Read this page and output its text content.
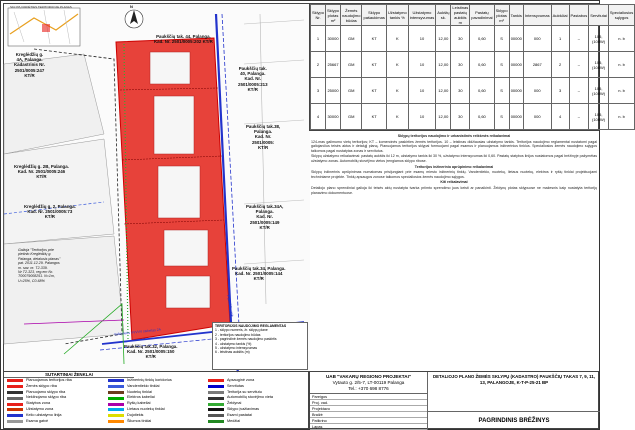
SKLYPŲ PADĖTIES TERITORIJOJE PLANAS
Kreglėdžių g.
4A, Palanga.
Kadastrinis Nr.
2501/0005:247
KT/R
Paukščių tak. 44, Palanga.
Kad. Nr. 2501/0005:202 KT/R
Paukščių tak.
40, Palanga.
Kad. Nr.
2501/0005:213
KT/R
Paukščių tak.38,
Palanga.
Kad. Nr.
2501/0005:
KT/R
Kreglėdžių g. 2B, Palanga.
Kad. Nr. 2501/0005:246
KT/R
Kreglėdžių g. 2, Palanga.
Kad. Nr. 2501/0005:73
KT/R
Paukščių tak.34A,
Palanga.
Kad. Nr.
2501/0005:149
KT/R
Paukščių tak.34, Palanga.
Kad. Nr. 2501/0005:144
KT/R
Paukščių tak.32, Palanga.
Kad. Nr. 2501/0005:150
KT/R
Galioja "Teritorijos prie
pietinio Kreglėdžių g.
Palanga, detalusis planas"
pat. 2011.12.29. Palangos
m. sav. nr. T2-339.
Nr T2-323, reg.em Nr.
T00079008251. N=1m,
U=25%, C0-68%
Vaikiynetis VVVVV stebėtas 2A
Paukščių tak.
N
TERITORIJOS NAUDOJIMO REGLAMENTAS
1 - sklypo numeris, žr. sklypų plane
2 - teritorijos naudojimo būdas
3 - pagrindinė žemės naudojimo paskirtis
4 - užstatymo tankis (%)
5 - užstatymo intensyvumas
6 - leistinas aukštis (m)
SUTARTINIAI ŽENKLAI
Planuojamos teritorijos riba
Žemės sklypo riba
Planuojamo sklypo riba
Nekilnojamo sklypo riba
Statybos zona
Užstatymo zona
Kelio užstatymo linija
Esama gatvė
Inžinerinių tinklų koridorius
Vandentiekio tinklai
Nuotekų tinklai
Elektros kabeliai
Ryšių kabeliai
Lietaus nuotekų tinklai
Dujotiekis
Šilumos tinklai
Apsauginė zona
Servitutas
Teritorija su servitutu
Automobilių stovėjimo vieta
Želdynai
Sklypo įvažiavimas
Esami pastatai
Medžiai
Sklypo Nr.	Sklypo plotas m²	Žemės naudojimo būdas	Sklypo pašaukimas	Užstatymo tankis %	Užstatymo intensyvumas	Aukštų sk.	Leistinas pastatų aukštis m	Pastatų pavadinimai	Sklypo plotas m²	Tankis	Intensyvumas	Aukščiai	Pastabos	Servitutai	Specialiosios sąlygos
1	30000	GM	KT	K	10	12,00	30	0,60	S	00000	000	1	–	105, (108W)	n. b
2	25667	GM	KT	K	10	12,00	30	0,60	S	00000	2867	2	–	105, (108W)	n. b
3	25000	GM	KT	K	10	12,00	30	0,60	S	00000	000	3	–	105, (108W)	n. b
4	30000	GM	KT	K	10	12,00	30	0,60	S	00000	000	4	–	105, (108W)	n. b

Sklypų teritorijos naudojimo ir urbanistinės reikšmės reikalavimai

124-mas galimumo vietų teritorijos; KT – komercinės paskirties žemės teritorijos. 10 – leistinas didžiausias užstatymo tankis. Teritorijos naudojimo reglamentai nustatomi pagal galiojančius teisės aktus ir detalųjį planą. Planuojamos teritorijos sklypai formuojami pagal esamus ir planuojamus inžinerinius tinklus. Specialiosios žemės naudojimo sąlygos taikomos pagal nustatytas zonas ir servitutus.

Sklypų užstatymo reikalavimai: pastatų aukštis iki 12 m, užstatymo tankis iki 30 %, užstatymo intensyvumas iki 0,60. Pastatų statybos linijos nustatomos pagal brėžinyje pažymėtas užstatymo zonas. Automobilių stovėjimo vietos įrengiamos sklypo ribose.

Teritorijos inžinerinio aprūpinimo reikalavimai

Sklypų inžinerinis aprūpinimas numatomas prisijungiant prie esamų miesto inžinerinių tinklų. Vandentiekio, nuotekų, lietaus nuotekų, elektros ir ryšių tinklai projektuojami techniniame projekte. Tinklų apsaugos zonose taikomos specialiosios žemės naudojimo sąlygos.

Kiti reikalavimai

Detaliojo plano sprendiniai galioja iki teisės aktų nustatyta tvarka priimto sprendimo juos keisti ar panaikinti. Želdynų plotas sklypuose ne mažesnis kaip nustatyta teritorijų planavimo dokumentuose.

UAB "VAKARŲ REGIONO PROJEKTAI"
Vytauto g. 2/5-7, LT-00119 Palanga
Tel.: +370 698 8776
DETALIOJO PLANO ŽEMĖS SKLYPŲ (KADASTRO) PAUKŠČIŲ TAKAS 7, 9, 11, 13, PALANGOJE, K-T-P-25-21 BP
Pareigos
Proj. vad.
Projektavo
Braižė
Patikrino
Lapas
PAGRINDINIS BRĖŽINYS
